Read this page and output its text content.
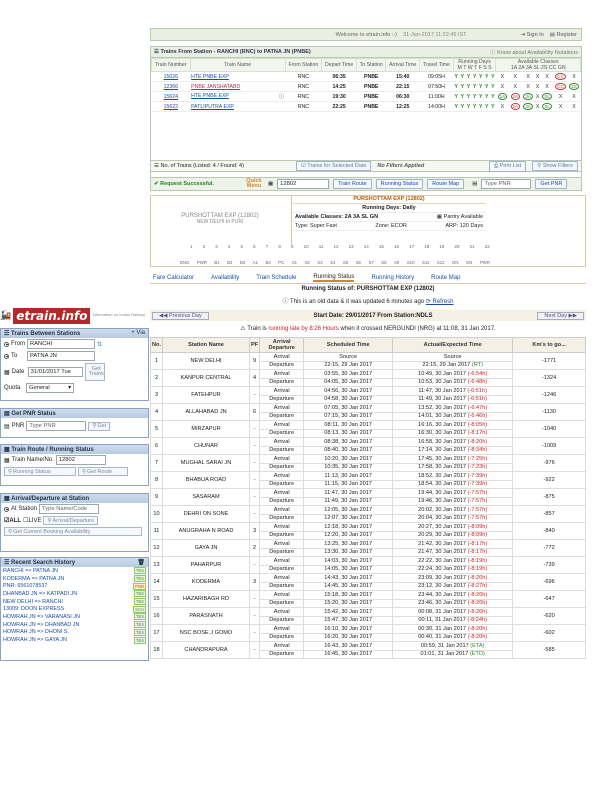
Welcome to etrain.info :-)	31-Jan-2017 11:22:45 IST	⇥ Sign In ▤ Register
☰ Trains From Station - RANCHI (RNC) to PATNA JN (PNBE)	ⓘ Know about Availability Notations
Train Number	Train Name	From Station	Depart Time	To Station	Arrival Time	Travel Time	Running Days
M T W T F S S							Available Classes
1A 2A 3A SL 2S CC GN						
15026	HTE PNBE EXP	RNC	06:35	PNBE	15:40	09:05H	Y	Y	Y	Y	Y	Y	Y	X	X	X	X	X	CC	X
12366	PNBE JANSHATABD	RNC	14:25	PNBE	22:15	07:50H	Y	Y	Y	Y	Y	Y	Y	X	X	X	X	X	CC	2S
15624	HTE PNBE EXP ⓘ	RNC	19:30	PNBE	06:30	11:00H	Y	Y	Y	Y	Y	Y	Y	1A	2A	3A	X	SL	X	X
15622	PATLIPUTRA EXP	RNC	22:25	PNBE	12:25	14:00H	Y	Y	Y	Y	Y	Y	Y	X	2A	3A	X	SL	X	X
☰ No. of Trains (Listed: 4 / Found: 4)	☑ Trains for Selected Date	No Filters Applied	⎙ Print List	⚲ Show Filters
✔ Request Successful.
Quick Menu	▦	12802	Train Route	Running Status	Route Map	▤	Type PNR	Get PNR
PURSHOTTAM EXP (12802)
NEW DELHI to PURI
PURSHOTTAM EXP (12802)
Running Days: Daily
Available Classes: 2A 3A SL GN	▦ Pantry Available
Type: Super Fast	Zone: ECOR	ARP: 120 Days
1 2 3 4 5 6 7 8 9 10 11 12 13 14 15 16 17 18 19 20 21 22
ENG PWR B1 B2 B3 A1 B4 PC S1 S2 S3 S4 S5 S6 S7 S8 S9 S10 S11 S12 GN GN PWR
Fare Calculator	Availability	Train Schedule	Running Status	Running History	Route Map
Running Status of: PURSHOTTAM EXP (12802)
ⓘ This is an old data & it was updated 6 minutes ago ⟳ Refresh
◀◀ Previous Day	Start Date: 29/01/2017 From Station:NDLS	Next Day ▶▶
⚠ Train is running late by 8:26 Hours when it crossed NERGUNDI (NRG) at 11:08, 31 Jan 2017.
No.	Station Name	PF	Arrival Departure	Scheduled Time	Actual/Expected Time	Km's to go...
1	NEW DELHI	9	Arrival	Source	Source	-1771
			Departure	22:15, 29 Jan 2017	22:15, 29 Jan 2017 (RT)	
2	KANPUR CENTRAL	4	Arrival	03:55, 30 Jan 2017	10:49, 30 Jan 2017 (-6:54h)	-1324
			Departure	04:05, 30 Jan 2017	10:53, 30 Jan 2017 (-6:48h)	
3	FATEHPUR	-	Arrival	04:56, 30 Jan 2017	11:47, 30 Jan 2017 (-6:51h)	-1246
			Departure	04:58, 30 Jan 2017	11:49, 30 Jan 2017 (-6:51h)	
4	ALLAHABAD JN	6	Arrival	07:05, 30 Jan 2017	13:52, 30 Jan 2017 (-6:47h)	-1130
			Departure	07:15, 30 Jan 2017	14:01, 30 Jan 2017 (-6:46h)	
5	MIRZAPUR	-	Arrival	08:11, 30 Jan 2017	16:16, 30 Jan 2017 (-8:05h)	-1040
			Departure	08:13, 30 Jan 2017	16:30, 30 Jan 2017 (-8:17h)	
6	CHUNAR	-	Arrival	08:38, 30 Jan 2017	16:58, 30 Jan 2017 (-8:20h)	-1009
			Departure	08:40, 30 Jan 2017	17:14, 30 Jan 2017 (-8:34h)	
7	MUGHAL SARAI JN	-	Arrival	10:20, 30 Jan 2017	17:45, 30 Jan 2017 (-7:25h)	-976
			Departure	10:35, 30 Jan 2017	17:58, 30 Jan 2017 (-7:23h)	
8	BHABUA ROAD	-	Arrival	11:13, 30 Jan 2017	18:52, 30 Jan 2017 (-7:39h)	-922
			Departure	11:15, 30 Jan 2017	18:54, 30 Jan 2017 (-7:39h)	
9	SASARAM	-	Arrival	11:47, 30 Jan 2017	19:44, 30 Jan 2017 (-7:57h)	-875
			Departure	11:49, 30 Jan 2017	19:46, 30 Jan 2017 (-7:57h)	
10	DEHRI ON SONE	-	Arrival	12:05, 30 Jan 2017	20:02, 30 Jan 2017 (-7:57h)	-857
			Departure	12:07, 30 Jan 2017	20:04, 30 Jan 2017 (-7:57h)	
11	ANUGRAHA N ROAD	3	Arrival	12:18, 30 Jan 2017	20:27, 30 Jan 2017 (-8:09h)	-840
			Departure	12:20, 30 Jan 2017	20:29, 30 Jan 2017 (-8:09h)	
12	GAYA JN	2	Arrival	13:25, 30 Jan 2017	21:42, 30 Jan 2017 (-8:17h)	-772
			Departure	13:30, 30 Jan 2017	21:47, 30 Jan 2017 (-8:17h)	
13	PAHARPUR	-	Arrival	14:03, 30 Jan 2017	22:22, 30 Jan 2017 (-8:19h)	-739
			Departure	14:05, 30 Jan 2017	22:24, 30 Jan 2017 (-8:19h)	
14	KODERMA	3	Arrival	14:43, 30 Jan 2017	23:09, 30 Jan 2017 (-8:26h)	-696
			Departure	14:45, 30 Jan 2017	23:12, 30 Jan 2017 (-8:27h)	
15	HAZARIBAGH RD	-	Arrival	15:18, 30 Jan 2017	23:44, 30 Jan 2017 (-8:26h)	-647
			Departure	15:20, 30 Jan 2017	23:46, 30 Jan 2017 (-8:26h)	
16	PARASNATH	-	Arrival	15:42, 30 Jan 2017	00:08, 31 Jan 2017 (-8:26h)	-620
			Departure	15:47, 30 Jan 2017	00:11, 31 Jan 2017 (-8:24h)	
17	NSC BOSE J GOMO	-	Arrival	16:10, 30 Jan 2017	00:30, 31 Jan 2017 (-8:20h)	-602
			Departure	16:20, 30 Jan 2017	00:40, 31 Jan 2017 (-8:20h)	
18	CHANDRAPURA	-	Arrival	16:43, 30 Jan 2017	00:59, 31 Jan 2017 (ETA)	-585
			Departure	16:45, 30 Jan 2017	01:01, 31 Jan 2017 (ETD)	
🚂 etrain.info	Information on Indian Railway
☰ Trains Between Stations	+ Via
From RANCHI	⇅
To	PATNA JN
▦ Date	31/01/2017 Tue	Get Trains
Quota	General	▾
▤ Get PNR Status
▤ PNR Type PNR	⚲ Get
▦ Train Route / Running Status
▦ Train Name/No. 12802
⚲ Running Status	⚲ Get Route
▦ Arrival/Departure at Station
At Station Type Name/Code
☑ALL ☐LIVE	⚲ Arrival/Departure
⚲ Get Current Booking Availability
☰ Recent Search History	🗑
RANCHI => PATNA JN	TBS
KODERMA => PATNA JN	TBS
PNR: 6561078537	PNR
DHANBAD JN => KATPADI JN	TBS
NEW DELHI => RANCHI	TBS
13009: DOON EXPRESS	SCH
HOWRAH JN => VARANASI JN	TBS
HOWRAH JN => DHANBAD JN	TBS
HOWRAH JN => DHONI S.	TBS
HOWRAH JN => GAYA JN	TBS
